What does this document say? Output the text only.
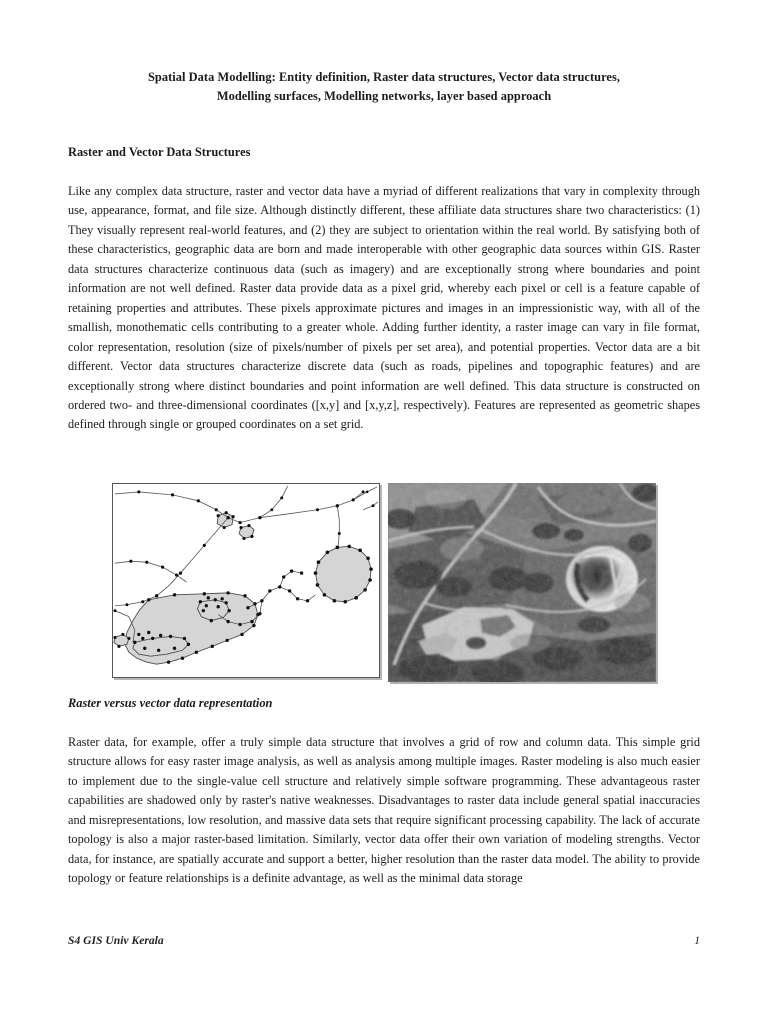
Spatial Data Modelling: Entity definition, Raster data structures, Vector data structures,
Modelling surfaces, Modelling networks, layer based approach
Raster and Vector Data Structures

Like any complex data structure, raster and vector data have a myriad of different realizations that vary in complexity through use, appearance, format, and file size. Although distinctly different, these affiliate data structures share two characteristics: (1) They visually represent real-world features, and (2) they are subject to orientation within the real world. By satisfying both of these characteristics, geographic data are born and made interoperable with other geographic data sources within GIS. Raster data structures characterize continuous data (such as imagery) and are exceptionally strong where boundaries and point information are not well defined. Raster data provide data as a pixel grid, whereby each pixel or cell is a feature capable of retaining properties and attributes. These pixels approximate pictures and images in an impressionistic way, with all of the smallish, monothematic cells contributing to a greater whole. Adding further identity, a raster image can vary in file format, color representation, resolution (size of pixels/number of pixels per set area), and potential properties. Vector data are a bit different. Vector data structures characterize discrete data (such as roads, pipelines and topographic features) and are exceptionally strong where distinct boundaries and point information are well defined. This data structure is constructed on ordered two- and three-dimensional coordinates ([x,y] and [x,y,z], respectively). Features are represented as geometric shapes defined through single or grouped coordinates on a set grid.

Raster versus vector data representation

Raster data, for example, offer a truly simple data structure that involves a grid of row and column data. This simple grid structure allows for easy raster image analysis, as well as analysis among multiple images. Raster modeling is also much easier to implement due to the single-value cell structure and relatively simple software programming. These advantageous raster capabilities are shadowed only by raster's native weaknesses. Disadvantages to raster data include general spatial inaccuracies and misrepresentations, low resolution, and massive data sets that require significant processing capability. The lack of accurate topology is also a major raster-based limitation. Similarly, vector data offer their own variation of modeling strengths. Vector data, for instance, are spatially accurate and support a better, higher resolution than the raster data model. The ability to provide topology or feature relationships is a definite advantage, as well as the minimal data storage

S4 GIS Univ Kerala	1
